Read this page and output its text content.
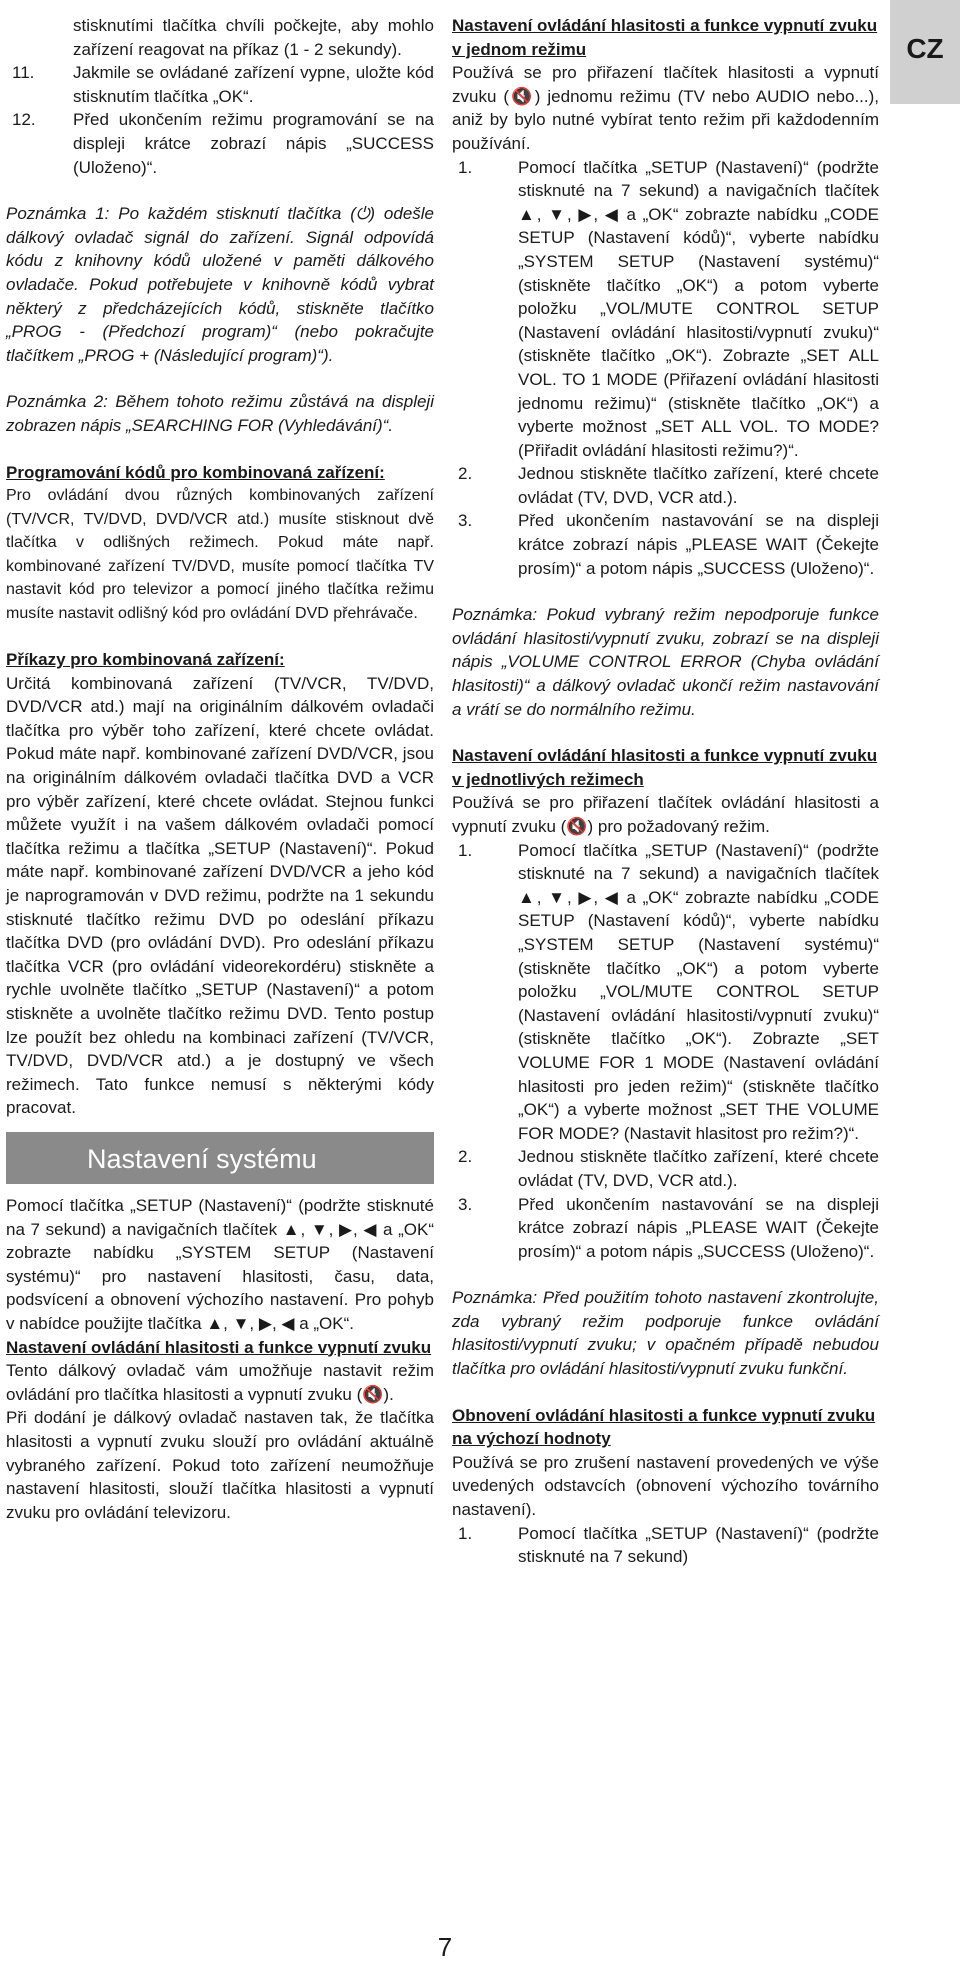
CZ
stisknutími tlačítka chvíli počkejte, aby mohlo zařízení reagovat na příkaz (1 - 2 sekundy).
11.	Jakmile se ovládané zařízení vypne, uložte kód stisknutím tlačítka „OK“.
12.	Před ukončením režimu programování se na displeji krátce zobrazí nápis „SUCCESS (Uloženo)“.

Poznámka 1: Po každém stisknutí tlačítka (⏻) odešle dálkový ovladač signál do zařízení. Signál odpovídá kódu z knihovny kódů uložené v paměti dálkového ovladače. Pokud potřebujete v knihovně kódů vybrat některý z předcházejících kódů, stiskněte tlačítko „PROG - (Předchozí program)“ (nebo pokračujte tlačítkem „PROG + (Následující program)“).

Poznámka 2: Během tohoto režimu zůstává na displeji zobrazen nápis „SEARCHING FOR (Vyhledávání)“.

Programování kódů pro kombinovaná zařízení:

Pro ovládání dvou různých kombinovaných zařízení (TV/VCR, TV/DVD, DVD/VCR atd.) musíte stisknout dvě tlačítka v odlišných režimech. Pokud máte např. kombinované zařízení TV/DVD, musíte pomocí tlačítka TV nastavit kód pro televizor a pomocí jiného tlačítka režimu musíte nastavit odlišný kód pro ovládání DVD přehrávače.

Příkazy pro kombinovaná zařízení:

Určitá kombinovaná zařízení (TV/VCR, TV/DVD, DVD/VCR atd.) mají na originálním dálkovém ovladači tlačítka pro výběr toho zařízení, které chcete ovládat. Pokud máte např. kombinované zařízení DVD/VCR, jsou na originálním dálkovém ovladači tlačítka DVD a VCR pro výběr zařízení, které chcete ovládat. Stejnou funkci můžete využít i na vašem dálkovém ovladači pomocí tlačítka režimu a tlačítka „SETUP (Nastavení)“. Pokud máte např. kombinované zařízení DVD/VCR a jeho kód je naprogramován v DVD režimu, podržte na 1 sekundu stisknuté tlačítko režimu DVD po odeslání příkazu tlačítka DVD (pro ovládání DVD). Pro odeslání příkazu tlačítka VCR (pro ovládání videorekordéru) stiskněte a rychle uvolněte tlačítko „SETUP (Nastavení)“ a potom stiskněte a uvolněte tlačítko režimu DVD. Tento postup lze použít bez ohledu na kombinaci zařízení (TV/VCR, TV/DVD, DVD/VCR atd.) a je dostupný ve všech režimech. Tato funkce nemusí s některými kódy pracovat.

Nastavení systému

Pomocí tlačítka „SETUP (Nastavení)“ (podržte stisknuté na 7 sekund) a navigačních tlačítek ▲, ▼, ▶, ◀ a „OK“ zobrazte nabídku „SYSTEM SETUP (Nastavení systému)“ pro nastavení hlasitosti, času, data, podsvícení a obnovení výchozího nastavení. Pro pohyb v nabídce použijte tlačítka ▲, ▼, ▶, ◀ a „OK“.

Nastavení ovládání hlasitosti a funkce vypnutí zvuku

Tento dálkový ovladač vám umožňuje nastavit režim ovládání pro tlačítka hlasitosti a vypnutí zvuku (🔇).

Při dodání je dálkový ovladač nastaven tak, že tlačítka hlasitosti a vypnutí zvuku slouží pro ovládání aktuálně vybraného zařízení. Pokud toto zařízení neumožňuje nastavení hlasitosti, slouží tlačítka hlasitosti a vypnutí zvuku pro ovládání televizoru.

Nastavení ovládání hlasitosti a funkce vypnutí zvuku v jednom režimu

Používá se pro přiřazení tlačítek hlasitosti a vypnutí zvuku (🔇) jednomu režimu (TV nebo AUDIO nebo...), aniž by bylo nutné vybírat tento režim při každodenním používání.

1.	Pomocí tlačítka „SETUP (Nastavení)“ (podržte stisknuté na 7 sekund) a navigačních tlačítek ▲, ▼, ▶, ◀ a „OK“ zobrazte nabídku „CODE SETUP (Nastavení kódů)“, vyberte nabídku „SYSTEM SETUP (Nastavení systému)“ (stiskněte tlačítko „OK“) a potom vyberte položku „VOL/MUTE CONTROL SETUP (Nastavení ovládání hlasitosti/vypnutí zvuku)“ (stiskněte tlačítko „OK“). Zobrazte „SET ALL VOL. TO 1 MODE (Přiřazení ovládání hlasitosti jednomu režimu)“ (stiskněte tlačítko „OK“) a vyberte možnost „SET ALL VOL. TO MODE? (Přiřadit ovládání hlasitosti režimu?)“.
2.	Jednou stiskněte tlačítko zařízení, které chcete ovládat (TV, DVD, VCR atd.).
3.	Před ukončením nastavování se na displeji krátce zobrazí nápis „PLEASE WAIT (Čekejte prosím)“ a potom nápis „SUCCESS (Uloženo)“.

Poznámka: Pokud vybraný režim nepodporuje funkce ovládání hlasitosti/vypnutí zvuku, zobrazí se na displeji nápis „VOLUME CONTROL ERROR (Chyba ovládání hlasitosti)“ a dálkový ovladač ukončí režim nastavování a vrátí se do normálního režimu.

Nastavení ovládání hlasitosti a funkce vypnutí zvuku v jednotlivých režimech

Používá se pro přiřazení tlačítek ovládání hlasitosti a vypnutí zvuku (🔇) pro požadovaný režim.

1.	Pomocí tlačítka „SETUP (Nastavení)“ (podržte stisknuté na 7 sekund) a navigačních tlačítek ▲, ▼, ▶, ◀ a „OK“ zobrazte nabídku „CODE SETUP (Nastavení kódů)“, vyberte nabídku „SYSTEM SETUP (Nastavení systému)“ (stiskněte tlačítko „OK“) a potom vyberte položku „VOL/MUTE CONTROL SETUP (Nastavení ovládání hlasitosti/vypnutí zvuku)“ (stiskněte tlačítko „OK“). Zobrazte „SET VOLUME FOR 1 MODE (Nastavení ovládání hlasitosti pro jeden režim)“ (stiskněte tlačítko „OK“) a vyberte možnost „SET THE VOLUME FOR MODE? (Nastavit hlasitost pro režim?)“.
2.	Jednou stiskněte tlačítko zařízení, které chcete ovládat (TV, DVD, VCR atd.).
3.	Před ukončením nastavování se na displeji krátce zobrazí nápis „PLEASE WAIT (Čekejte prosím)“ a potom nápis „SUCCESS (Uloženo)“.

Poznámka: Před použitím tohoto nastavení zkontrolujte, zda vybraný režim podporuje funkce ovládání hlasitosti/vypnutí zvuku; v opačném případě nebudou tlačítka pro ovládání hlasitosti/vypnutí zvuku funkční.

Obnovení ovládání hlasitosti a funkce vypnutí zvuku na výchozí hodnoty

Používá se pro zrušení nastavení provedených ve výše uvedených odstavcích (obnovení výchozího továrního nastavení).

1.	Pomocí tlačítka „SETUP (Nastavení)“ (podržte stisknuté na 7 sekund)
7
